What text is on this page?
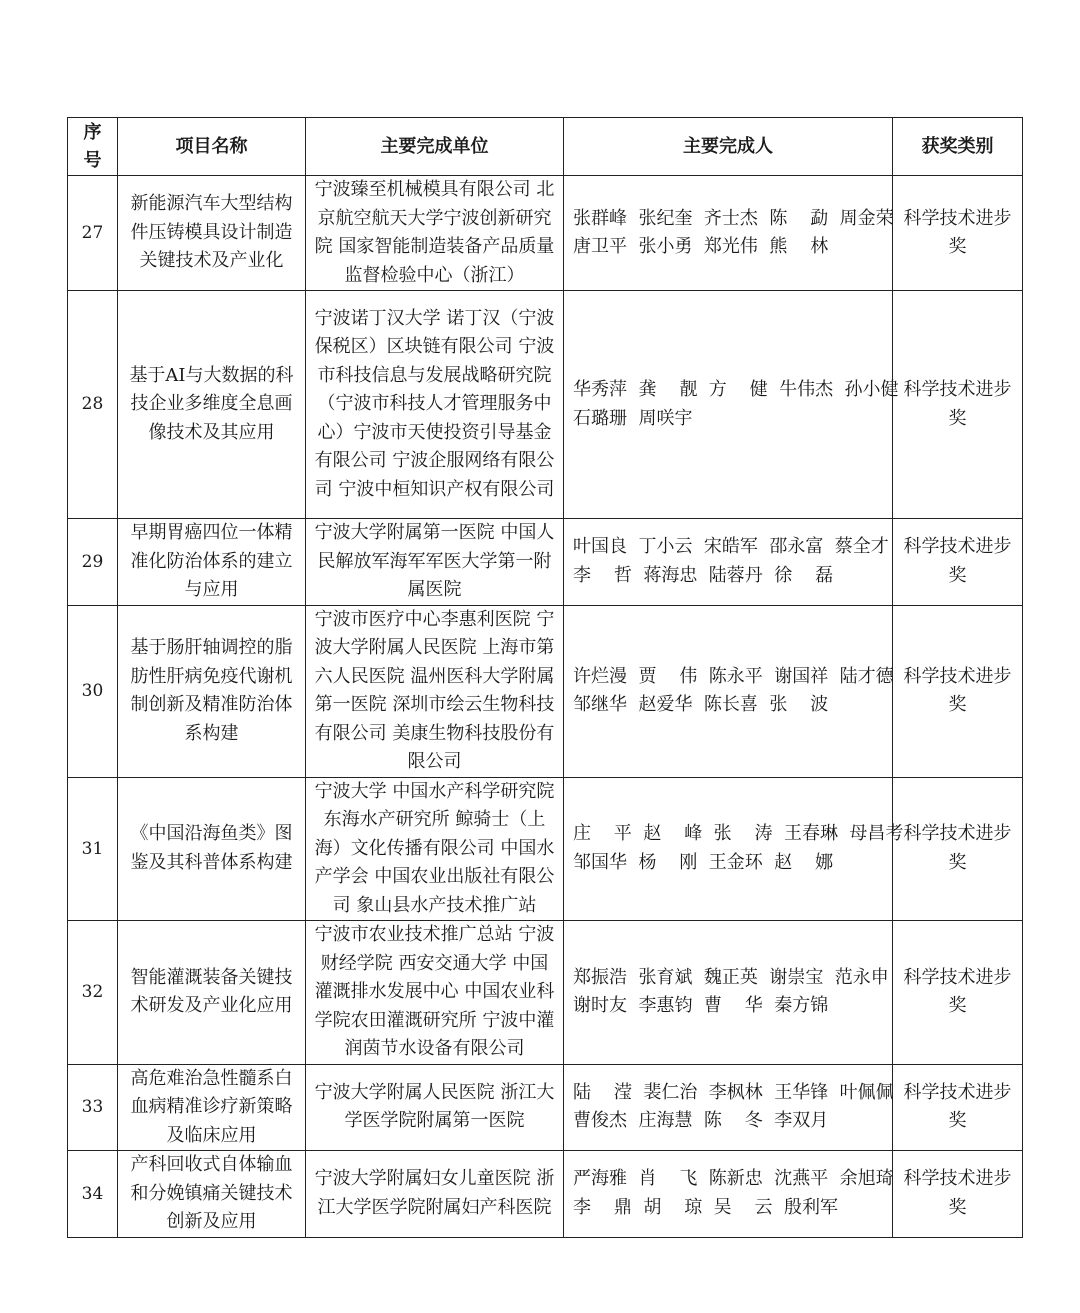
序号	项目名称	主要完成单位	主要完成人	获奖类别
27	新能源汽车大型结构件压铸模具设计制造关键技术及产业化	宁波臻至机械模具有限公司 北京航空航天大学宁波创新研究院 国家智能制造装备产品质量监督检验中心（浙江）	张群峰  张纪奎  齐士杰  陈    勐  周金荣
唐卫平  张小勇  郑光伟  熊    林	科学技术进步奖
28	基于AI与大数据的科技企业多维度全息画像技术及其应用	宁波诺丁汉大学 诺丁汉（宁波保税区）区块链有限公司 宁波市科技信息与发展战略研究院（宁波市科技人才管理服务中心）宁波市天使投资引导基金有限公司 宁波企服网络有限公司 宁波中桓知识产权有限公司	华秀萍  龚    靓  方    健  牛伟杰  孙小健
石璐珊  周咲宇	科学技术进步奖
29	早期胃癌四位一体精准化防治体系的建立与应用	宁波大学附属第一医院 中国人民解放军海军军医大学第一附属医院	叶国良  丁小云  宋皓军  邵永富  蔡全才
李    哲  蒋海忠  陆蓉丹  徐    磊	科学技术进步奖
30	基于肠肝轴调控的脂肪性肝病免疫代谢机制创新及精准防治体系构建	宁波市医疗中心李惠利医院 宁波大学附属人民医院 上海市第六人民医院 温州医科大学附属第一医院 深圳市绘云生物科技有限公司 美康生物科技股份有限公司	许烂漫  贾    伟  陈永平  谢国祥  陆才德
邹继华  赵爱华  陈长喜  张    波	科学技术进步奖
31	《中国沿海鱼类》图鉴及其科普体系构建	宁波大学 中国水产科学研究院东海水产研究所 鲸骑士（上海）文化传播有限公司 中国水产学会 中国农业出版社有限公司 象山县水产技术推广站	庄    平  赵    峰  张    涛  王春琳  母昌考
邹国华  杨    刚  王金环  赵    娜	科学技术进步奖
32	智能灌溉装备关键技术研发及产业化应用	宁波市农业技术推广总站 宁波财经学院 西安交通大学 中国灌溉排水发展中心 中国农业科学院农田灌溉研究所 宁波中灌润茵节水设备有限公司	郑振浩  张育斌  魏正英  谢崇宝  范永申
谢时友  李惠钧  曹    华  秦方锦	科学技术进步奖
33	高危难治急性髓系白血病精准诊疗新策略及临床应用	宁波大学附属人民医院 浙江大学医学院附属第一医院	陆    滢  裴仁治  李枫林  王华锋  叶佩佩
曹俊杰  庄海慧  陈    冬  李双月	科学技术进步奖
34	产科回收式自体输血和分娩镇痛关键技术创新及应用	宁波大学附属妇女儿童医院 浙江大学医学院附属妇产科医院	严海雅  肖    飞  陈新忠  沈燕平  余旭琦
李    鼎  胡    琼  吴    云  殷利军	科学技术进步奖
